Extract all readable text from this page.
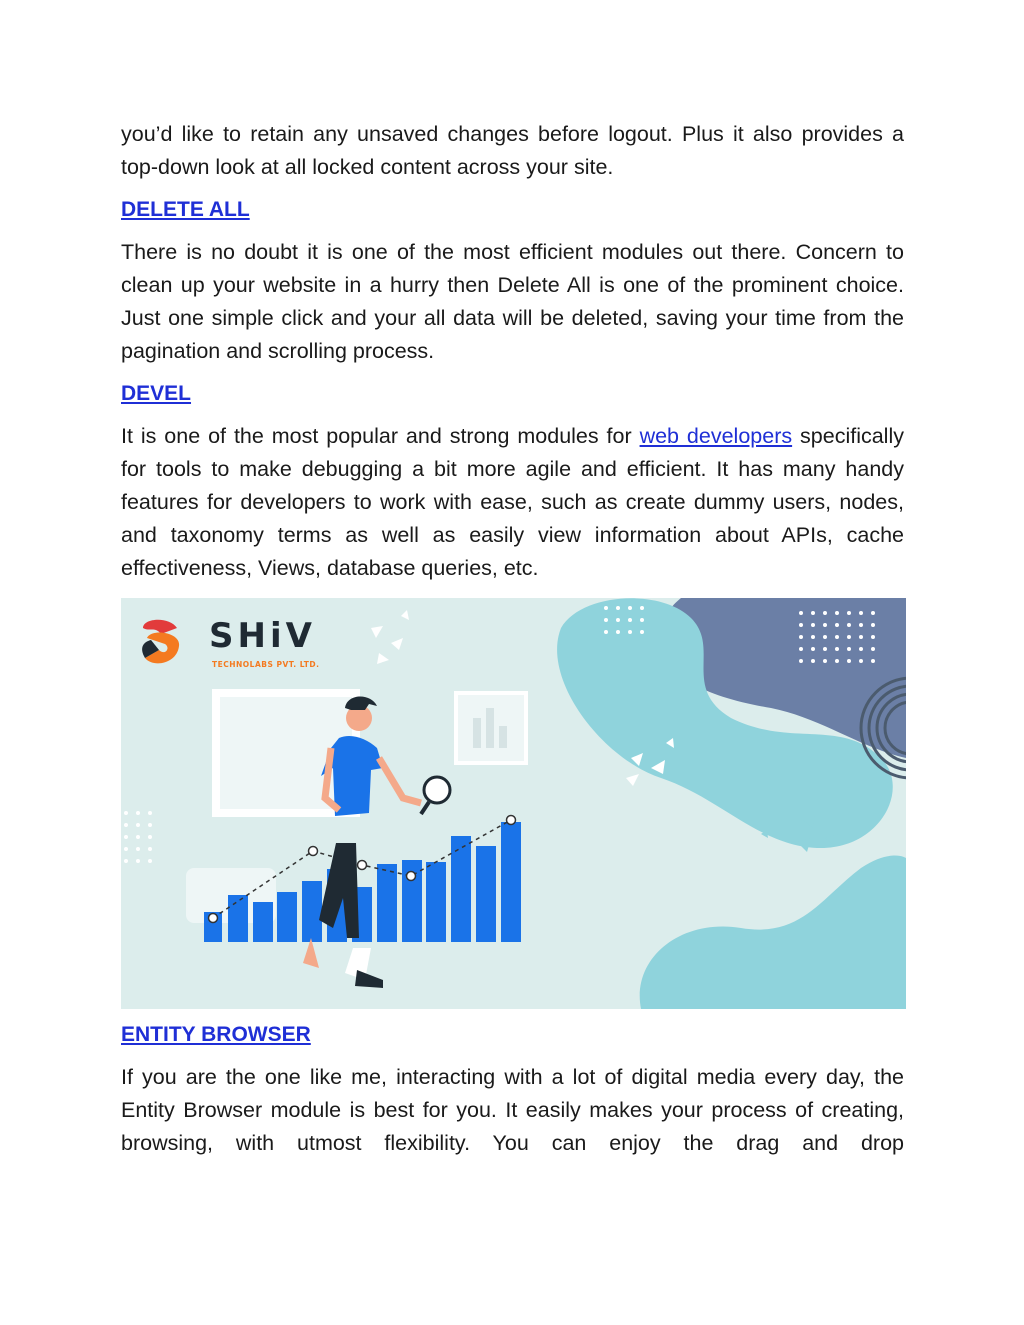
you’d like to retain any unsaved changes before logout. Plus it also provides a top-down look at all locked content across your site.

DELETE ALL

There is no doubt it is one of the most efficient modules out there. Concern to clean up your website in a hurry then Delete All is one of the prominent choice. Just one simple click and your all data will be deleted, saving your time from the pagination and scrolling process.

DEVEL

It is one of the most popular and strong modules for web developers specifically for tools to make debugging a bit more agile and efficient. It has many handy features for developers to work with ease, such as create dummy users, nodes, and taxonomy terms as well as easily view information about APIs, cache effectiveness, Views, database queries, etc.

SHiV
TECHNOLABS PVT. LTD.
ENTITY BROWSER

If you are the one like me, interacting with a lot of digital media every day, the Entity Browser module is best for you. It easily makes your process of creating, browsing, with utmost flexibility. You can enjoy the drag and drop
